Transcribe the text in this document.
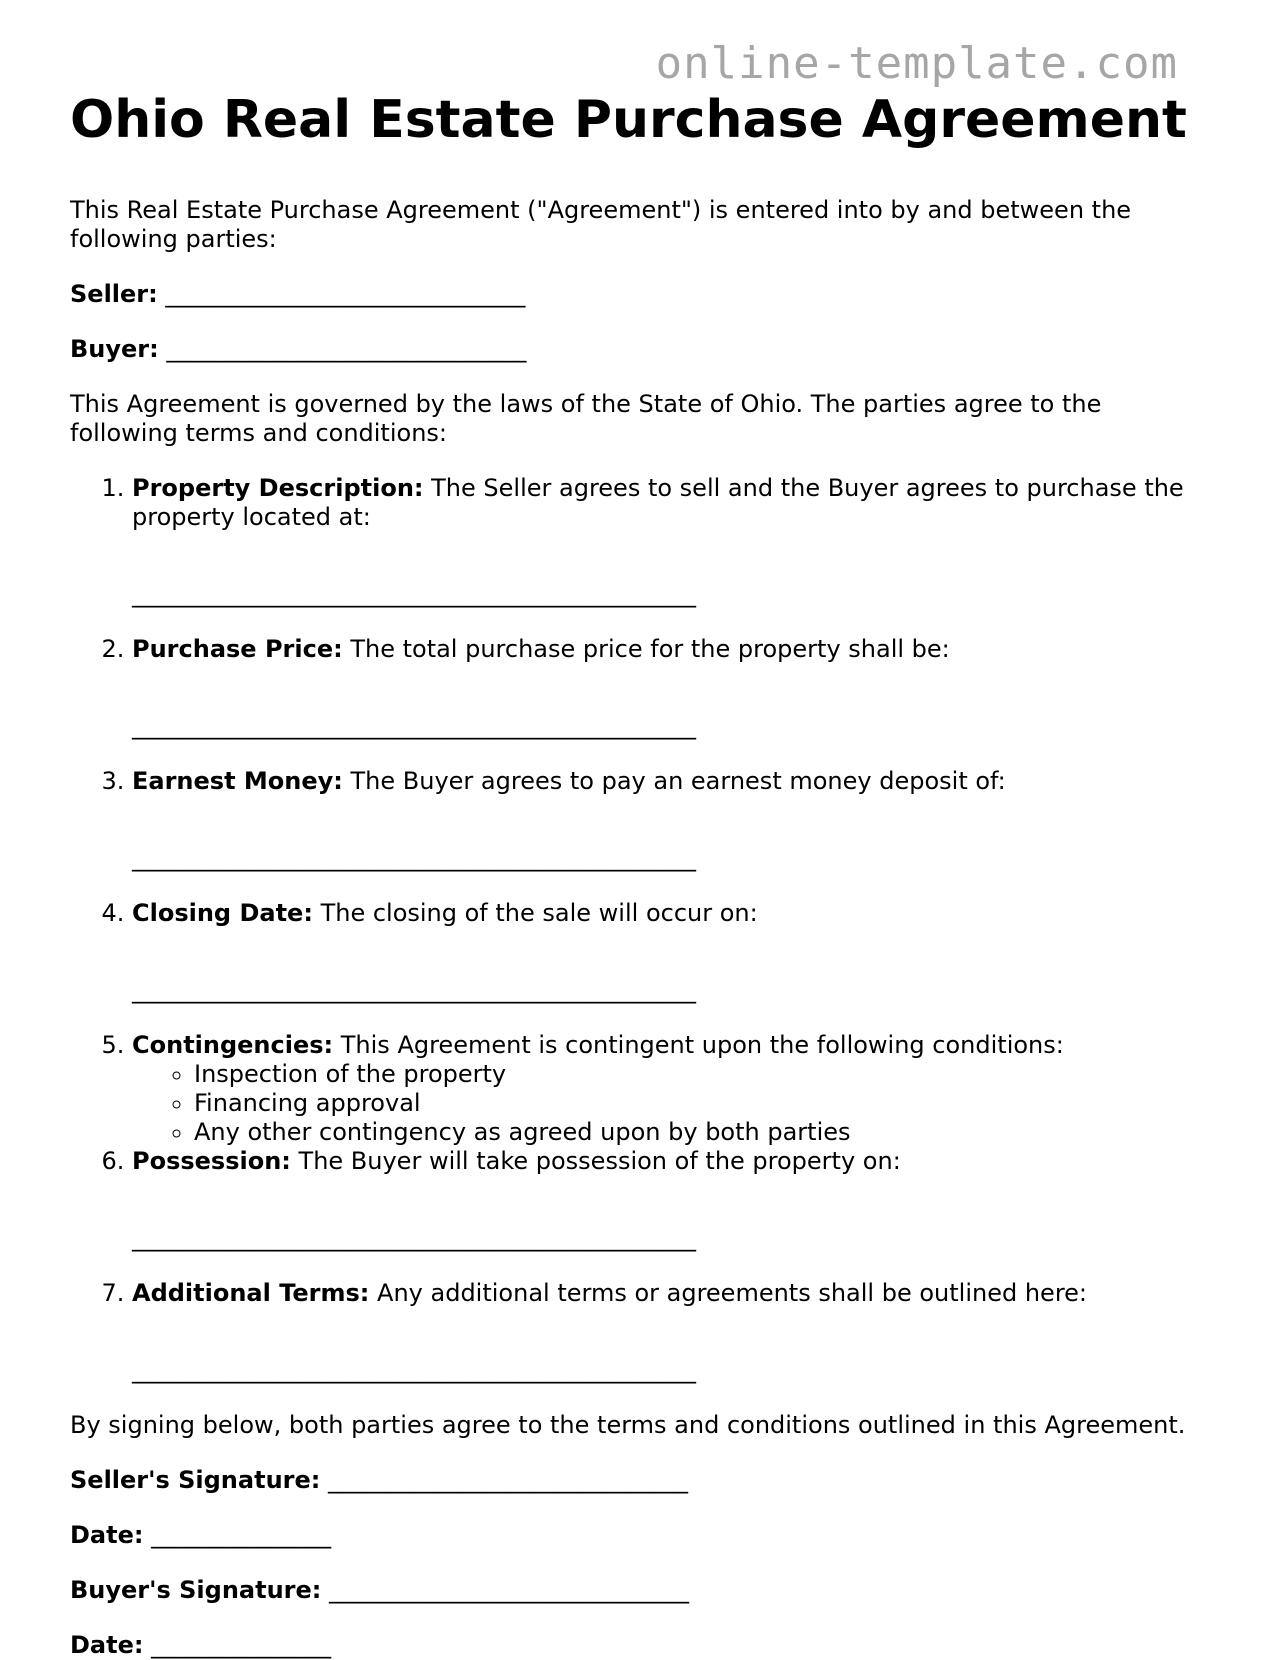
online-template.com
Ohio Real Estate Purchase Agreement

This Real Estate Purchase Agreement ("Agreement") is entered into by and between the following parties:

Seller: ______________________________

Buyer: ______________________________

This Agreement is governed by the laws of the State of Ohio. The parties agree to the following terms and conditions:

1. Property Description: The Seller agrees to sell and the Buyer agrees to purchase the property located at:
_______________________________________________
2. Purchase Price: The total purchase price for the property shall be:
_______________________________________________
3. Earnest Money: The Buyer agrees to pay an earnest money deposit of:
_______________________________________________
4. Closing Date: The closing of the sale will occur on:
_______________________________________________
5. Contingencies: This Agreement is contingent upon the following conditions:
◦ Inspection of the property
◦ Financing approval
◦ Any other contingency as agreed upon by both parties
6. Possession: The Buyer will take possession of the property on:
_______________________________________________
7. Additional Terms: Any additional terms or agreements shall be outlined here:
_______________________________________________

By signing below, both parties agree to the terms and conditions outlined in this Agreement.

Seller's Signature: ______________________________

Date: _______________

Buyer's Signature: ______________________________

Date: _______________
